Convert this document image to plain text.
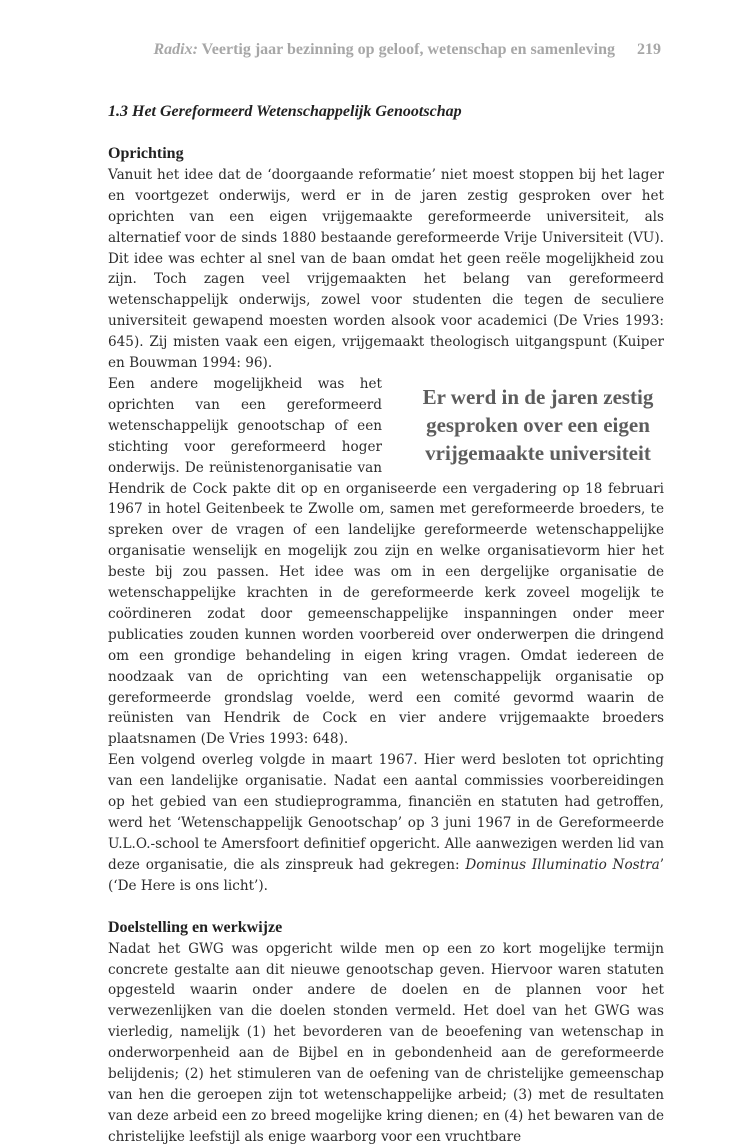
Radix: Veertig jaar bezinning op geloof, wetenschap en samenleving 219
1.3 Het Gereformeerd Wetenschappelijk Genootschap
Oprichting

Vanuit het idee dat de ‘doorgaande reformatie’ niet moest stoppen bij het lager en voortgezet onderwijs, werd er in de jaren zestig gesproken over het oprichten van een eigen vrijgemaakte gereformeerde universiteit, als alternatief voor de sinds 1880 bestaande gereformeerde Vrije Universiteit (VU). Dit idee was echter al snel van de baan omdat het geen reële mogelijkheid zou zijn. Toch zagen veel vrijgemaakten het belang van gereformeerd wetenschappelijk onderwijs, zowel voor studenten die tegen de seculiere universiteit gewapend moesten worden alsook voor academici (De Vries 1993: 645). Zij misten vaak een eigen, vrijgemaakt theologisch uitgangspunt (Kuiper en Bouwman 1994: 96).

Er werd in de jaren zestig gesproken over een eigen vrijgemaakte universiteit
Een andere mogelijkheid was het oprichten van een gereformeerd wetenschappelijk genootschap of een stichting voor gereformeerd hoger onderwijs. De reünistenorganisatie van Hendrik de Cock pakte dit op en organiseerde een vergadering op 18 februari 1967 in hotel Geitenbeek te Zwolle om, samen met gereformeerde broeders, te spreken over de vragen of een landelijke gereformeerde wetenschappelijke organisatie wenselijk en mogelijk zou zijn en welke organisatievorm hier het beste bij zou passen. Het idee was om in een dergelijke organisatie de wetenschappelijke krachten in de gereformeerde kerk zoveel mogelijk te coördineren zodat door gemeenschappelijke inspanningen onder meer publicaties zouden kunnen worden voorbereid over onderwerpen die dringend om een grondige behandeling in eigen kring vragen. Omdat iedereen de noodzaak van de oprichting van een wetenschappelijk organisatie op gereformeerde grondslag voelde, werd een comité gevormd waarin de reünisten van Hendrik de Cock en vier andere vrijgemaakte broeders plaatsnamen (De Vries 1993: 648).

Een volgend overleg volgde in maart 1967. Hier werd besloten tot oprichting van een landelijke organisatie. Nadat een aantal commissies voorbereidingen op het gebied van een studieprogramma, financiën en statuten had getroffen, werd het ‘Wetenschappelijk Genootschap’ op 3 juni 1967 in de Gereformeerde U.L.O.-school te Amersfoort definitief opgericht. Alle aanwezigen werden lid van deze organisatie, die als zinspreuk had gekregen: Dominus Illuminatio Nostra’ (‘De Here is ons licht’).

Doelstelling en werkwijze

Nadat het GWG was opgericht wilde men op een zo kort mogelijke termijn concrete gestalte aan dit nieuwe genootschap geven. Hiervoor waren statuten opgesteld waarin onder andere de doelen en de plannen voor het verwezenlijken van die doelen stonden vermeld. Het doel van het GWG was vierledig, namelijk (1) het bevorderen van de beoefening van wetenschap in onderworpenheid aan de Bijbel en in gebondenheid aan de gereformeerde belijdenis; (2) het stimuleren van de oefening van de christelijke gemeenschap van hen die geroepen zijn tot wetenschappelijke arbeid; (3) met de resultaten van deze arbeid een zo breed mogelijke kring dienen; en (4) het bewaren van de christelijke leefstijl als enige waarborg voor een vruchtbare
